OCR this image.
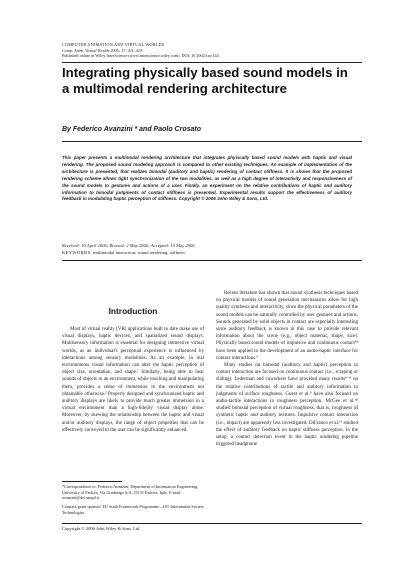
COMPUTER ANIMATION AND VIRTUAL WORLDS
Comp. Anim. Virtual Worlds 2006; 17: 411–419
Published online in Wiley InterScience (www.interscience.wiley.com). DOI: 10.1002/cav.144
Integrating physically based sound models in a multimodal rendering architecture
By Federico Avanzini * and Paolo Crosato

This paper presents a multimodal rendering architecture that integrates physically based sound models with haptic and visual rendering. The proposed sound modeling approach is compared to other existing techniques. An example of implementation of the architecture is presented, that realizes bimodal (auditory and haptic) rendering of contact stiffness. It is shown that the proposed rendering scheme allows tight synchronization of the two modalities, as well as a high degree of interactivity and responsiveness of the sound models to gestures and actions of a user. Finally, an experiment on the relative contributions of haptic and auditory information to bimodal judgments of contact stiffness is presented. Experimental results support the effectiveness of auditory feedback in modulating haptic perception of stiffness. Copyright © 2006 John Wiley & Sons, Ltd.

Received: 10 April 2006; Revised: 2 May 2006; Accepted: 10 May 2006
KEYWORDS: multimodal interaction; sound rendering; stiffness
Introduction

Most of virtual reality (VR) applications built to date make use of visual displays, haptic devices, and spatialized sound displays. Multisensory information is essential for designing immersive virtual worlds, as an individual's perceptual experience is influenced by interactions among sensory modalities. As an example, in real environments visual information can alter the haptic perception of object size, orientation, and shape.¹ Similarly, being able to hear sounds of objects in an environment, while touching and manipulating them, provides a sense of immersion in the environment not obtainable otherwise.² Properly designed and synchronized haptic and auditory displays are likely to provide much greater immersion in a virtual environment than a high-fidelity visual display alone. Moreover, by skewing the relationship between the haptic and visual and/or auditory displays, the range of object properties that can be effectively conveyed to the user can be significantly enhanced.

Recent literature has shown that sound synthesis techniques based on physical models of sound generation mechanisms allow for high quality synthesis and interactivity, since the physical parameters of the sound models can be naturally controlled by user gestures and actions. Sounds generated by solid objects in contact are especially interesting since auditory feedback is known in this case to provide relevant information about the scene (e.g., object material, shape, size). Physically based sound models of impulsive and continuous contact³⁴ have been applied to the development of an audio-haptic interface for contact interactions.⁵

Many studies on bimodal (auditory and haptic) perception in contact interaction are focused on continuous contact (i.e., scraping or sliding). Lederman and coworkers have provided many results⁶⁻⁸ on the relative contributions of tactile and auditory information to judgments of surface roughness. Guest et al.⁹ have also focused on audio-tactile interactions in roughness perception. McGee et al.¹⁰ studied bimodal perception of virtual roughness, that is, roughness of synthetic haptic and auditory textures. Impulsive contact interaction (i.e., impact) are apparently less investigated. DiFranco et al.¹¹ studied the effect of auditory feedback on haptic stiffness perception. In the setup, a contact detection event in the haptic rendering pipeline triggered headphone

*Correspondence to: Federico Avanzini, Department of Information Engineering, University of Padova, Via Gradenigo 6/A, 35131 Padova, Italy. E-mail: avanzini@dei.unipd.it

Contract/grant sponsor: EU Sixth Framework Programme—IST Information Society Technologies.

Copyright © 2006 John Wiley & Sons, Ltd.
